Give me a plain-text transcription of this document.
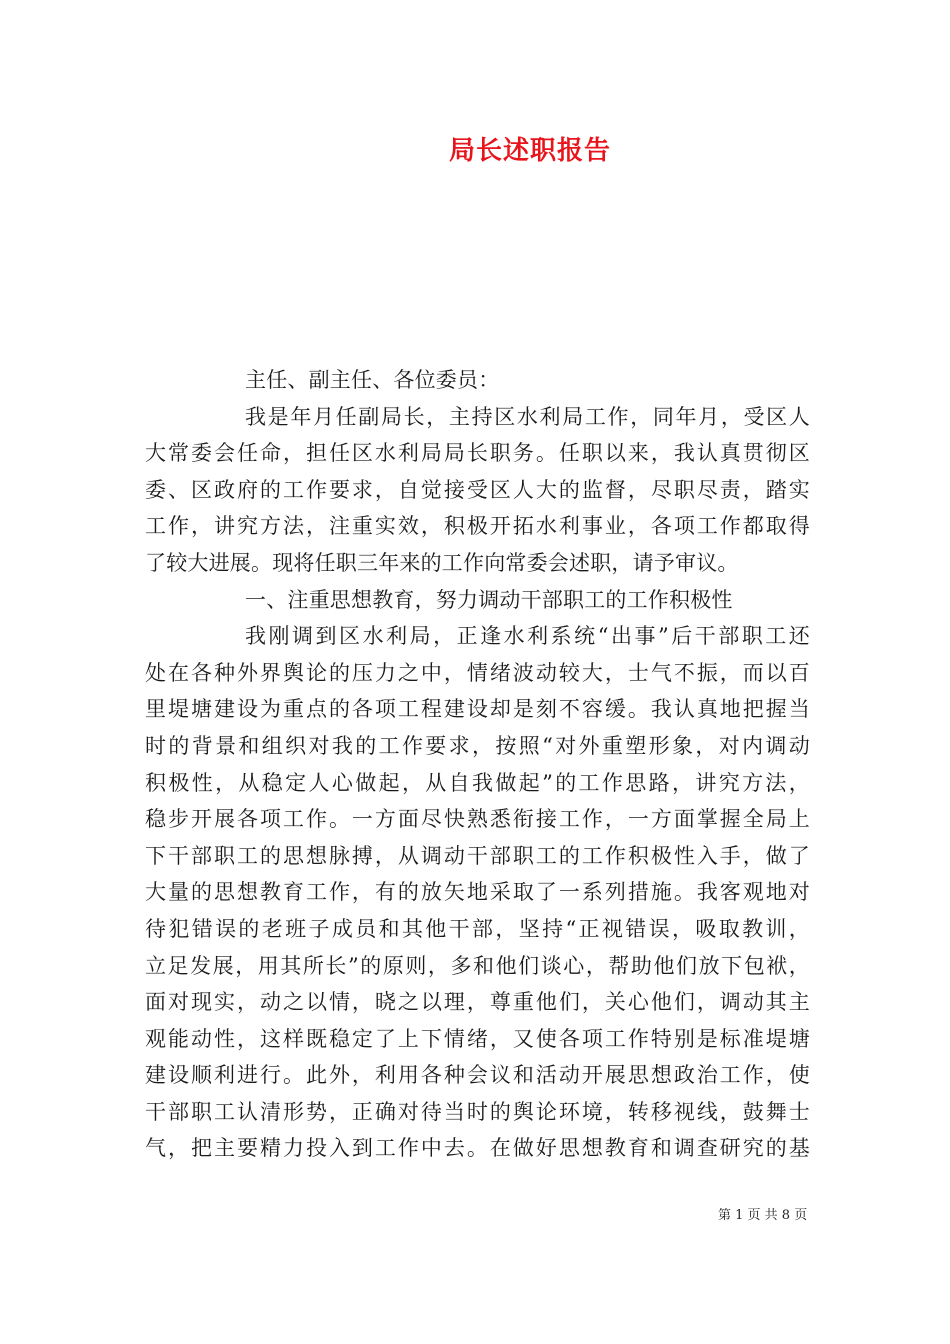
局长述职报告
主任、副主任、各位委员：
我是年月任副局长，主持区水利局工作，同年月，受区人
大常委会任命，担任区水利局局长职务。任职以来，我认真贯彻区
委、区政府的工作要求，自觉接受区人大的监督，尽职尽责，踏实
工作，讲究方法，注重实效，积极开拓水利事业，各项工作都取得
了较大进展。现将任职三年来的工作向常委会述职，请予审议。
一、注重思想教育，努力调动干部职工的工作积极性
我刚调到区水利局，正逢水利系统“出事”后干部职工还
处在各种外界舆论的压力之中，情绪波动较大，士气不振，而以百
里堤塘建设为重点的各项工程建设却是刻不容缓。我认真地把握当
时的背景和组织对我的工作要求，按照“对外重塑形象，对内调动
积极性，从稳定人心做起，从自我做起”的工作思路，讲究方法，
稳步开展各项工作。一方面尽快熟悉衔接工作，一方面掌握全局上
下干部职工的思想脉搏，从调动干部职工的工作积极性入手，做了
大量的思想教育工作，有的放矢地采取了一系列措施。我客观地对
待犯错误的老班子成员和其他干部，坚持“正视错误，吸取教训，
立足发展，用其所长”的原则，多和他们谈心，帮助他们放下包袱，
面对现实，动之以情，晓之以理，尊重他们，关心他们，调动其主
观能动性，这样既稳定了上下情绪，又使各项工作特别是标准堤塘
建设顺利进行。此外，利用各种会议和活动开展思想政治工作，使
干部职工认清形势，正确对待当时的舆论环境，转移视线，鼓舞士
气，把主要精力投入到工作中去。在做好思想教育和调查研究的基
第 1 页 共 8 页
